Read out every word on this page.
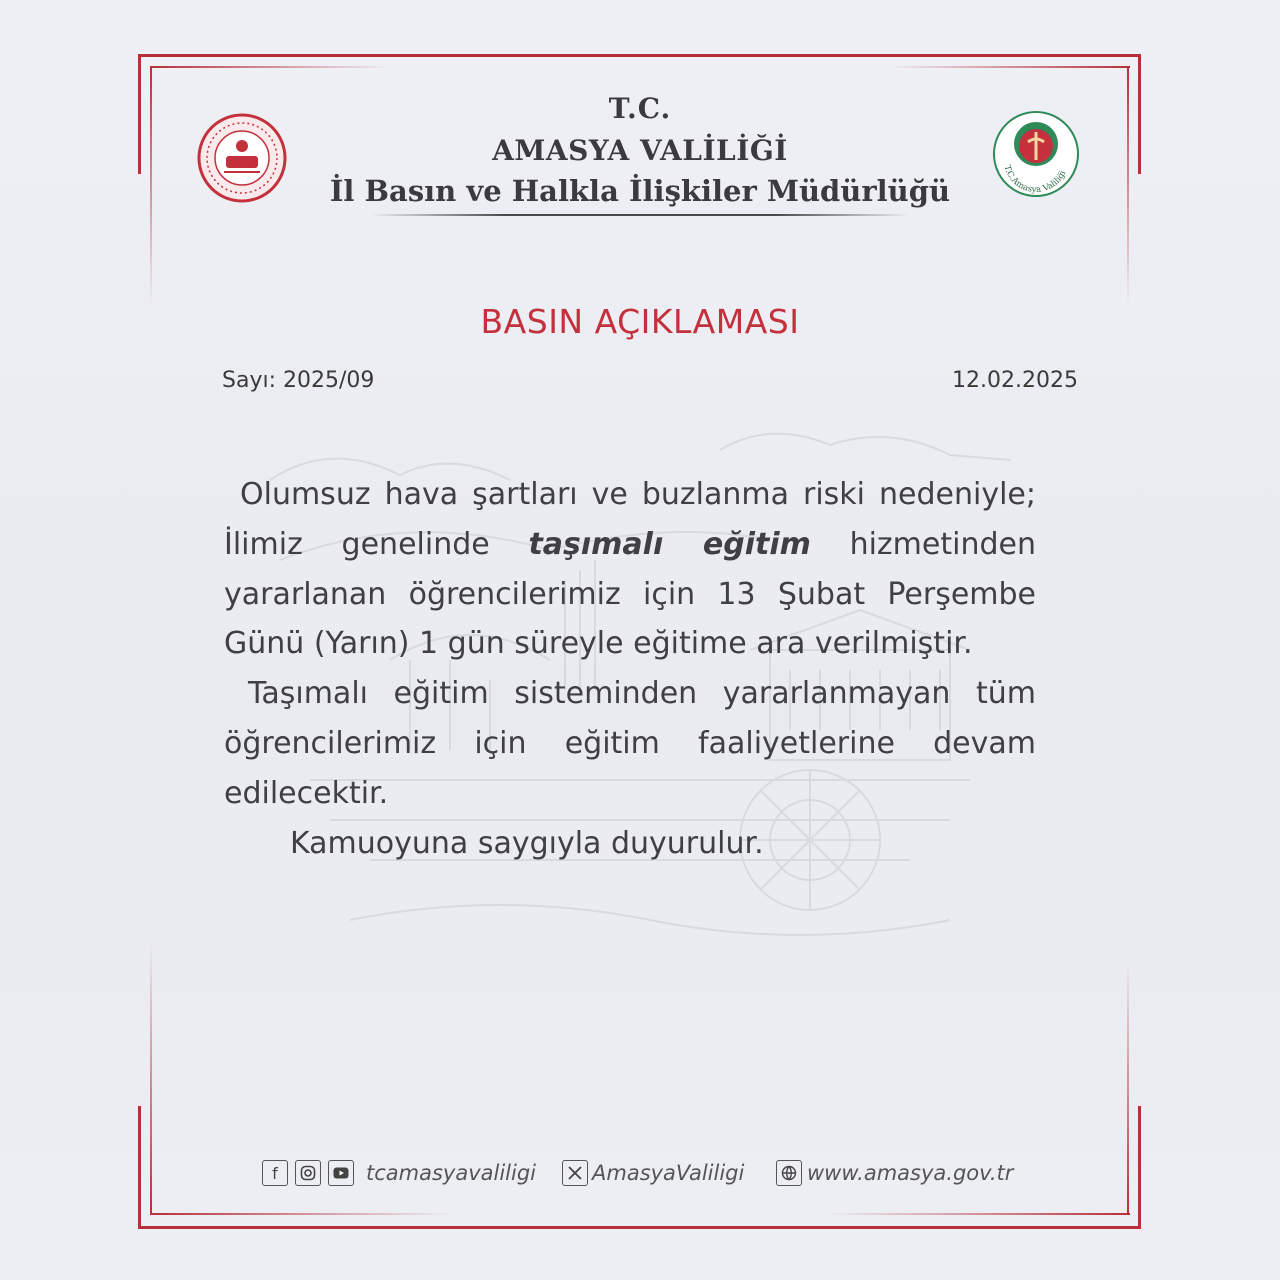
T.C.Amasya Valiliği
T.C.
AMASYA VALİLİĞİ
İl Basın ve Halkla İlişkiler Müdürlüğü
BASIN AÇIKLAMASI
Sayı: 2025/09	12.02.2025

Olumsuz hava şartları ve buzlanma riski nedeniyle; İlimiz genelinde taşımalı eğitim hizmetinden yararlanan öğrencilerimiz için 13 Şubat Perşembe Günü (Yarın) 1 gün süreyle eğitime ara verilmiştir.

Taşımalı eğitim sisteminden yararlanmayan tüm öğrencilerimiz için eğitim faaliyetlerine devam edilecektir.

Kamuoyuna saygıyla duyurulur.

f	tcamasyavaliligi	AmasyaValiligi	www.amasya.gov.tr
